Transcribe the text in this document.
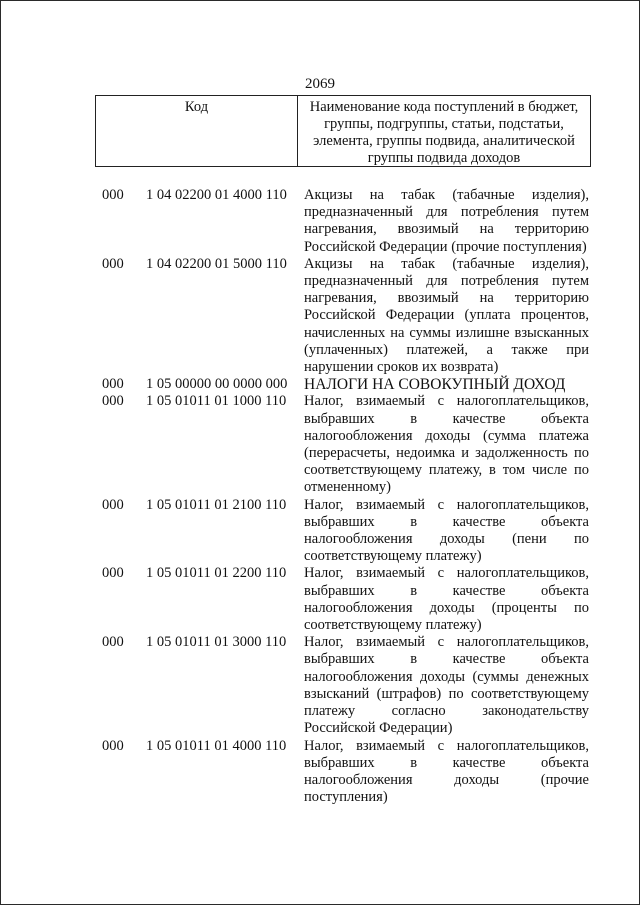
2069
Код	Наименование кода поступлений в бюджет, группы, подгруппы, статьи, подстатьи, элемента, группы подвида, аналитической группы подвида доходов
000	1 04 02200 01 4000 110	Акцизы на табак (табачные изделия), предназначенный для потребления путем нагревания, ввозимый на территорию Российской Федерации (прочие поступления)
000	1 04 02200 01 5000 110	Акцизы на табак (табачные изделия), предназначенный для потребления путем нагревания, ввозимый на территорию Российской Федерации (уплата процентов, начисленных на суммы излишне взысканных (уплаченных) платежей, а также при нарушении сроков их возврата)
000	1 05 00000 00 0000 000	НАЛОГИ НА СОВОКУПНЫЙ ДОХОД
000	1 05 01011 01 1000 110	Налог, взимаемый с налогоплательщиков, выбравших в качестве объекта налогообложения доходы (сумма платежа (перерасчеты, недоимка и задолженность по соответствующему платежу, в том числе по отмененному)
000	1 05 01011 01 2100 110	Налог, взимаемый с налогоплательщиков, выбравших в качестве объекта налогообложения доходы (пени по соответствующему платежу)
000	1 05 01011 01 2200 110	Налог, взимаемый с налогоплательщиков, выбравших в качестве объекта налогообложения доходы (проценты по соответствующему платежу)
000	1 05 01011 01 3000 110	Налог, взимаемый с налогоплательщиков, выбравших в качестве объекта налогообложения доходы (суммы денежных взысканий (штрафов) по соответствующему платежу согласно законодательству Российской Федерации)
000	1 05 01011 01 4000 110	Налог, взимаемый с налогоплательщиков, выбравших в качестве объекта налогообложения доходы (прочие поступления)
